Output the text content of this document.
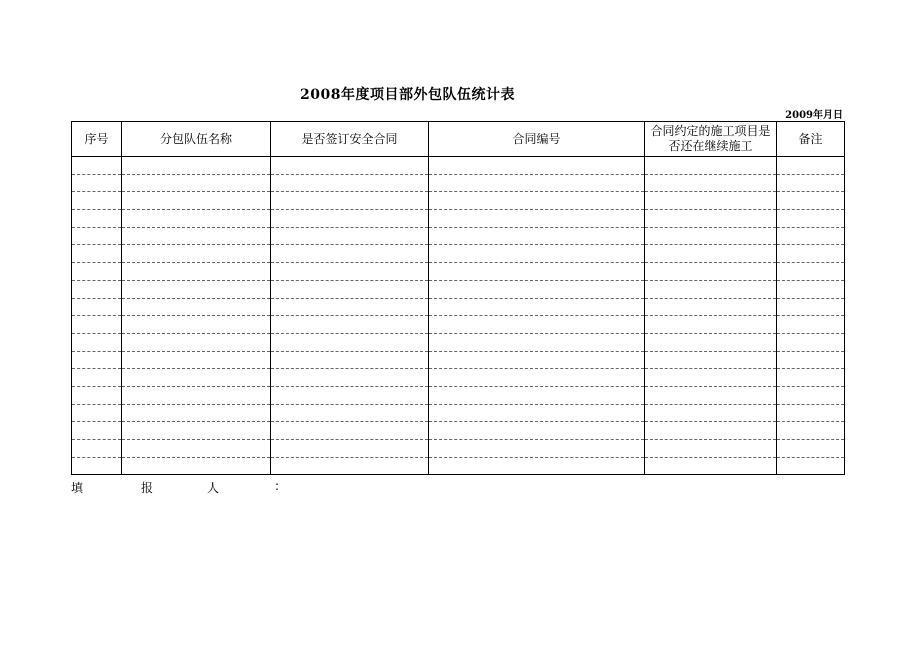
2008年度项目部外包队伍统计表
2009年月日
序号	分包队伍名称	是否签订安全合同	合同编号	合同约定的施工项目是否还在继续施工	备注

填	报	人	:
